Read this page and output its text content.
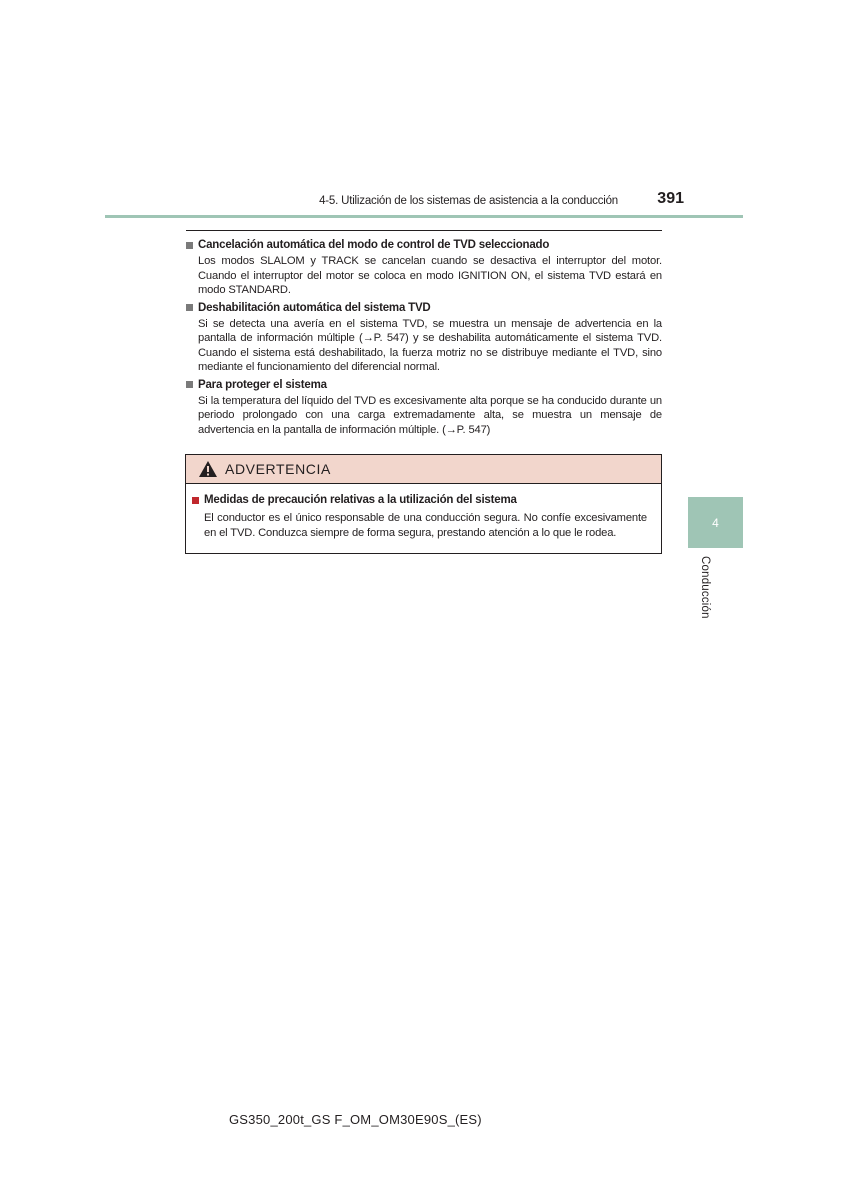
4-5. Utilización de los sistemas de asistencia a la conducción	391
4
Conducción
Cancelación automática del modo de control de TVD seleccionado
Los modos SLALOM y TRACK se cancelan cuando se desactiva el interruptor del motor. Cuando el interruptor del motor se coloca en modo IGNITION ON, el sistema TVD estará en modo STANDARD.
Deshabilitación automática del sistema TVD
Si se detecta una avería en el sistema TVD, se muestra un mensaje de advertencia en la pantalla de información múltiple (→P. 547) y se deshabilita automáticamente el sistema TVD. Cuando el sistema está deshabilitado, la fuerza motriz no se distribuye mediante el TVD, sino mediante el funcionamiento del diferencial normal.
Para proteger el sistema
Si la temperatura del líquido del TVD es excesivamente alta porque se ha conducido durante un periodo prolongado con una carga extremadamente alta, se muestra un mensaje de advertencia en la pantalla de información múltiple. (→P. 547)
ADVERTENCIA
Medidas de precaución relativas a la utilización del sistema
El conductor es el único responsable de una conducción segura. No confíe excesivamente en el TVD. Conduzca siempre de forma segura, prestando atención a lo que le rodea.
GS350_200t_GS F_OM_OM30E90S_(ES)
